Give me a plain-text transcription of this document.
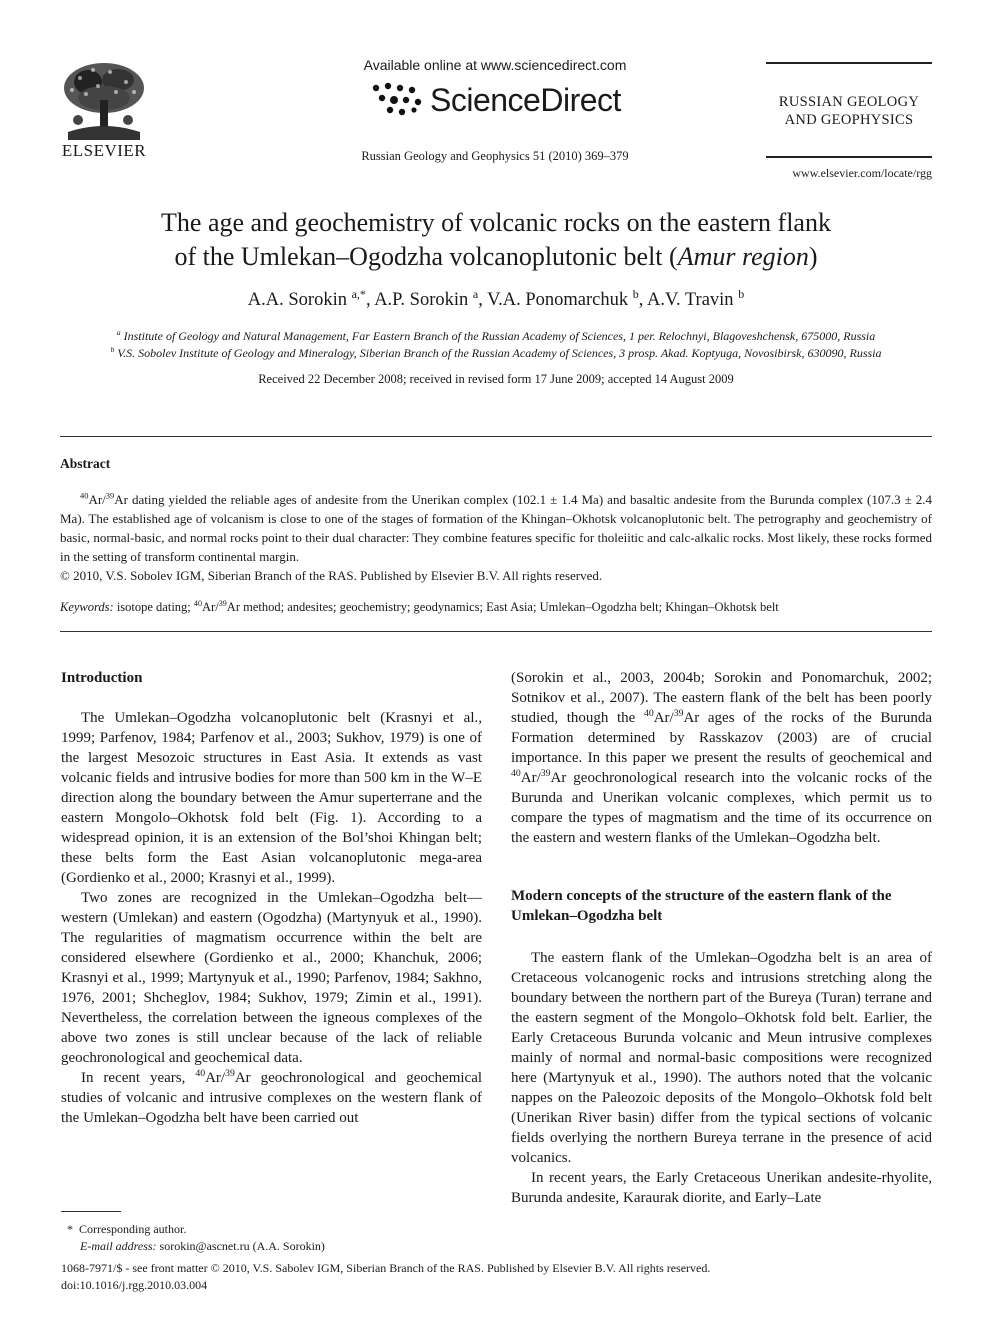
ELSEVIER
Available online at www.sciencedirect.com
ScienceDirect
Russian Geology and Geophysics 51 (2010) 369–379
RUSSIAN GEOLOGY
AND GEOPHYSICS
www.elsevier.com/locate/rgg
The age and geochemistry of volcanic rocks on the eastern flank
of the Umlekan–Ogodzha volcanoplutonic belt (Amur region)
A.A. Sorokin $^{a,*}$, A.P. Sorokin $^a$, V.A. Ponomarchuk $^b$, A.V. Travin $^b$
$^a$ Institute of Geology and Natural Management, Far Eastern Branch of the Russian Academy of Sciences, 1 per. Relochnyi, Blagoveshchensk, 675000, Russia
$^b$ V.S. Sobolev Institute of Geology and Mineralogy, Siberian Branch of the Russian Academy of Sciences, 3 prosp. Akad. Koptyuga, Novosibirsk, 630090, Russia
Received 22 December 2008; received in revised form 17 June 2009; accepted 14 August 2009
Abstract

$^{40}$Ar/$^{39}$Ar dating yielded the reliable ages of andesite from the Unerikan complex (102.1 ± 1.4 Ma) and basaltic andesite from the Burunda complex (107.3 ± 2.4 Ma). The established age of volcanism is close to one of the stages of formation of the Khingan–Okhotsk volcanoplutonic belt. The petrography and geochemistry of basic, normal-basic, and normal rocks point to their dual character: They combine features specific for tholeiitic and calc-alkalic rocks. Most likely, these rocks formed in the setting of transform continental margin.

© 2010, V.S. Sobolev IGM, Siberian Branch of the RAS. Published by Elsevier B.V. All rights reserved.

Keywords: isotope dating; $^{40}$Ar/$^{39}$Ar method; andesites; geochemistry; geodynamics; East Asia; Umlekan–Ogodzha belt; Khingan–Okhotsk belt

Introduction

The Umlekan–Ogodzha volcanoplutonic belt (Krasnyi et al., 1999; Parfenov, 1984; Parfenov et al., 2003; Sukhov, 1979) is one of the largest Mesozoic structures in East Asia. It extends as vast volcanic fields and intrusive bodies for more than 500 km in the W–E direction along the boundary between the Amur superterrane and the eastern Mongolo–Okhotsk fold belt (Fig. 1). According to a widespread opinion, it is an extension of the Bol’shoi Khingan belt; these belts form the East Asian volcanoplutonic mega-area (Gordienko et al., 2000; Krasnyi et al., 1999).

Two zones are recognized in the Umlekan–Ogodzha belt—western (Umlekan) and eastern (Ogodzha) (Martynyuk et al., 1990). The regularities of magmatism occurrence within the belt are considered elsewhere (Gordienko et al., 2000; Khanchuk, 2006; Krasnyi et al., 1999; Martynyuk et al., 1990; Parfenov, 1984; Sakhno, 1976, 2001; Shcheglov, 1984; Sukhov, 1979; Zimin et al., 1991). Nevertheless, the correlation between the igneous complexes of the above two zones is still unclear because of the lack of reliable geochronological and geochemical data.

In recent years, $^{40}$Ar/$^{39}$Ar geochronological and geochemical studies of volcanic and intrusive complexes on the western flank of the Umlekan–Ogodzha belt have been carried out

(Sorokin et al., 2003, 2004b; Sorokin and Ponomarchuk, 2002; Sotnikov et al., 2007). The eastern flank of the belt has been poorly studied, though the $^{40}$Ar/$^{39}$Ar ages of the rocks of the Burunda Formation determined by Rasskazov (2003) are of crucial importance. In this paper we present the results of geochemical and $^{40}$Ar/$^{39}$Ar geochronological research into the volcanic rocks of the Burunda and Unerikan volcanic complexes, which permit us to compare the types of magmatism and the time of its occurrence on the eastern and western flanks of the Umlekan–Ogodzha belt.

Modern concepts of the structure of the eastern flank of the Umlekan–Ogodzha belt

The eastern flank of the Umlekan–Ogodzha belt is an area of Cretaceous volcanogenic rocks and intrusions stretching along the boundary between the northern part of the Bureya (Turan) terrane and the eastern segment of the Mongolo–Okhotsk fold belt. Earlier, the Early Cretaceous Burunda volcanic and Meun intrusive complexes mainly of normal and normal-basic compositions were recognized here (Martynyuk et al., 1990). The authors noted that the volcanic nappes on the Paleozoic deposits of the Mongolo–Okhotsk fold belt (Unerikan River basin) differ from the typical sections of volcanic fields overlying the northern Bureya terrane in the presence of acid volcanics.

In recent years, the Early Cretaceous Unerikan andesite-rhyolite, Burunda andesite, Karaurak diorite, and Early–Late

* Corresponding author.
E-mail address: sorokin@ascnet.ru (A.A. Sorokin)
1068-7971/$ - see front matter © 2010, V.S. Sabolev IGM, Siberian Branch of the RAS. Published by Elsevier B.V. All rights reserved.
doi:10.1016/j.rgg.2010.03.004
